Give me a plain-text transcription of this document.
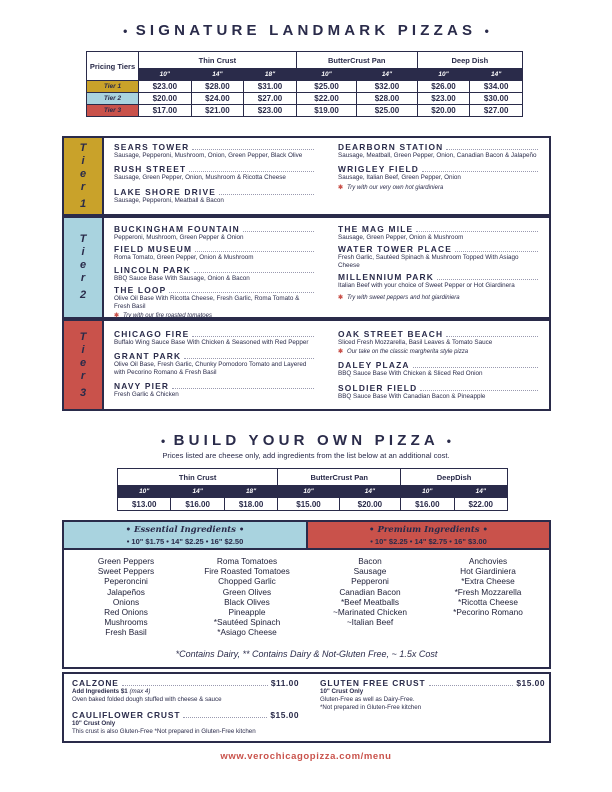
• SIGNATURE LANDMARK PIZZAS •
Pricing Tiers	Thin Crust			ButterCrust Pan		Deep Dish	
	10"	14"	18"	10"	14"	10"	14"
Tier 1	$23.00	$28.00	$31.00	$25.00	$32.00	$26.00	$34.00
Tier 2	$20.00	$24.00	$27.00	$22.00	$28.00	$23.00	$30.00
Tier 3	$17.00	$21.00	$23.00	$19.00	$25.00	$20.00	$27.00
T
i
e
r
1
SEARS TOWER
Sausage, Pepperoni, Mushroom, Onion, Green Pepper, Black Olive
RUSH STREET
Sausage, Green Pepper, Onion, Mushroom & Ricotta Cheese
LAKE SHORE DRIVE
Sausage, Pepperoni, Meatball & Bacon
DEARBORN STATION
Sausage, Meatball, Green Pepper, Onion, Canadian Bacon & Jalapeño
WRIGLEY FIELD
Sausage, Italian Beef, Green Pepper, Onion
✱ Try with our very own hot giardiniera
T
i
e
r
2
BUCKINGHAM FOUNTAIN
Pepperoni, Mushroom, Green Pepper & Onion
FIELD MUSEUM
Roma Tomato, Green Pepper, Onion & Mushroom
LINCOLN PARK
BBQ Sauce Base With Sausage, Onion & Bacon
THE LOOP
Olive Oil Base With Ricotta Cheese, Fresh Garlic, Roma Tomato & Fresh Basil
✱ Try with our fire roasted tomatoes
THE MAG MILE
Sausage, Green Pepper, Onion & Mushroom
WATER TOWER PLACE
Fresh Garlic, Sautéed Spinach & Mushroom Topped With Asiago Cheese
MILLENNIUM PARK
Italian Beef with your choice of Sweet Pepper or Hot Giardinera
✱ Try with sweet peppers and hot giardiniera
T
i
e
r
3
CHICAGO FIRE
Buffalo Wing Sauce Base With Chicken & Seasoned with Red Pepper
GRANT PARK
Olive Oil Base, Fresh Garlic, Chunky Pomodoro Tomato and Layered with Pecorino Romano & Fresh Basil
NAVY PIER
Fresh Garlic & Chicken
OAK STREET BEACH
Sliced Fresh Mozzarella, Basil Leaves & Tomato Sauce
✱ Our take on the classic margherita style pizza
DALEY PLAZA
BBQ Sauce Base With Chicken & Sliced Red Onion
SOLDIER FIELD
BBQ Sauce Base With Canadian Bacon & Pineapple
• BUILD YOUR OWN PIZZA •
Prices listed are cheese only, add ingredients from the list below at an additional cost.
Thin Crust			ButterCrust Pan		DeepDish	
10"	14"	18"	10"	14"	10"	14"
$13.00	$16.00	$18.00	$15.00	$20.00	$16.00	$22.00
• Essential Ingredients •
• 10" $1.75 • 14" $2.25 • 16" $2.50
• Premium Ingredients •
• 10" $2.25 • 14" $2.75 • 16" $3.00
Green Peppers
Sweet Peppers
Peperoncini
Jalapeños
Onions
Red Onions
Mushrooms
Fresh Basil
Roma Tomatoes
Fire Roasted Tomatoes
Chopped Garlic
Green Olives
Black Olives
Pineapple
*Sautéed Spinach
*Asiago Cheese
Bacon
Sausage
Pepperoni
Canadian Bacon
*Beef Meatballs
~Marinated Chicken
~Italian Beef
Anchovies
Hot Giardiniera
*Extra Cheese
*Fresh Mozzarella
*Ricotta Cheese
*Pecorino Romano
*Contains Dairy, ** Contains Dairy & Not-Gluten Free, ~ 1.5x Cost
CALZONE	$11.00
Add Ingredients $1 (max 4)
Oven baked folded dough stuffed with cheese & sauce
CAULIFLOWER CRUST	$15.00
10" Crust Only
This crust is also Gluten-Free *Not prepared in Gluten-Free kitchen
GLUTEN FREE CRUST	$15.00
10" Crust Only
Gluten-Free as well as Dairy-Free.
*Not prepared in Gluten-Free kitchen
www.verochicagopizza.com/menu
